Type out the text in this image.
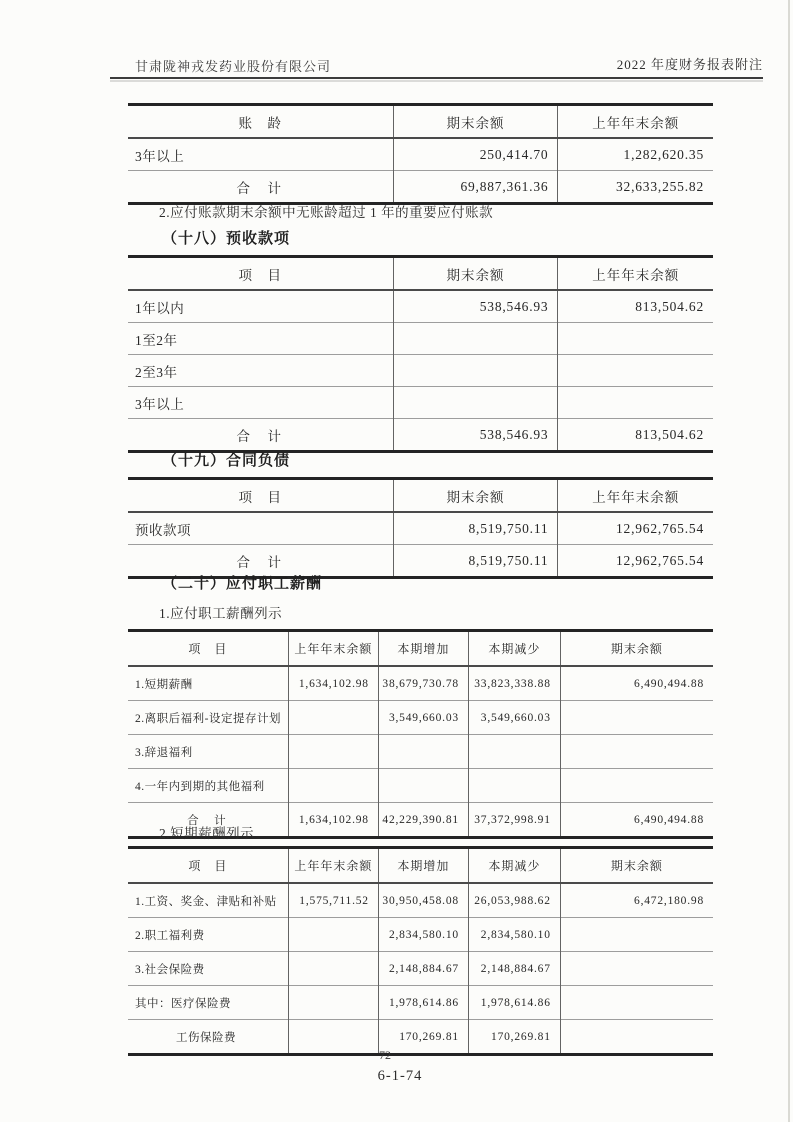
甘肃陇神戎发药业股份有限公司	2022 年度财务报表附注
账　龄	期末余额	上年年末余额
3年以上	250,414.70	1,282,620.35
合　计	69,887,361.36	32,633,255.82
2.应付账款期末余额中无账龄超过 1 年的重要应付账款
（十八）预收款项
项　目	期末余额	上年年末余额
1年以内	538,546.93	813,504.62
1至2年		
2至3年		
3年以上		
合　计	538,546.93	813,504.62
（十九）合同负债
项　目	期末余额	上年年末余额
预收款项	8,519,750.11	12,962,765.54
合　计	8,519,750.11	12,962,765.54
（二十）应付职工薪酬
1.应付职工薪酬列示
项　目	上年年末余额	本期增加	本期减少	期末余额
1.短期薪酬	1,634,102.98	38,679,730.78	33,823,338.88	6,490,494.88
2.离职后福利-设定提存计划		3,549,660.03	3,549,660.03	
3.辞退福利				
4.一年内到期的其他福利				
合　计	1,634,102.98	42,229,390.81	37,372,998.91	6,490,494.88
2.短期薪酬列示
项　目	上年年末余额	本期增加	本期减少	期末余额
1.工资、奖金、津贴和补贴	1,575,711.52	30,950,458.08	26,053,988.62	6,472,180.98
2.职工福利费		2,834,580.10	2,834,580.10	
3.社会保险费		2,148,884.67	2,148,884.67	
其中：医疗保险费		1,978,614.86	1,978,614.86	
工伤保险费		170,269.81	170,269.81	
72
6-1-74
